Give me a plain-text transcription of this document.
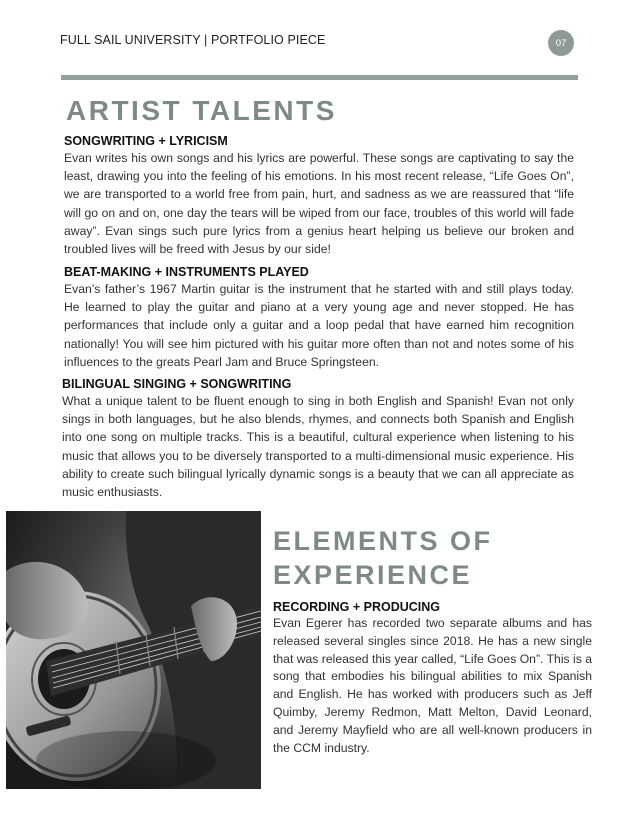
FULL SAIL UNIVERSITY | PORTFOLIO PIECE	07
ARTIST TALENTS
SONGWRITING + LYRICISM

Evan writes his own songs and his lyrics are powerful. These songs are captivating to say the least, drawing you into the feeling of his emotions. In his most recent release, “Life Goes On”, we are transported to a world free from pain, hurt, and sadness as we are reassured that “life will go on and on, one day the tears will be wiped from our face, troubles of this world will fade away”. Evan sings such pure lyrics from a genius heart helping us believe our broken and troubled lives will be freed with Jesus by our side!

BEAT-MAKING + INSTRUMENTS PLAYED

Evan’s father’s 1967 Martin guitar is the instrument that he started with and still plays today. He learned to play the guitar and piano at a very young age and never stopped. He has performances that include only a guitar and a loop pedal that have earned him recognition nationally! You will see him pictured with his guitar more often than not and notes some of his influences to the greats Pearl Jam and Bruce Springsteen.

BILINGUAL SINGING + SONGWRITING

What a unique talent to be fluent enough to sing in both English and Spanish! Evan not only sings in both languages, but he also blends, rhymes, and connects both Spanish and English into one song on multiple tracks. This is a beautiful, cultural experience when listening to his music that allows you to be diversely transported to a multi-dimensional music experience. His ability to create such bilingual lyrically dynamic songs is a beauty that we can all appreciate as music enthusiasts.

ELEMENTS OF
EXPERIENCE
RECORDING + PRODUCING

Evan Egerer has recorded two separate albums and has released several singles since 2018. He has a new single that was released this year called, “Life Goes On”. This is a song that embodies his bilingual abilities to mix Spanish and English. He has worked with producers such as Jeff Quimby, Jeremy Redmon, Matt Melton, David Leonard, and Jeremy Mayfield who are all well-known producers in the CCM industry.
